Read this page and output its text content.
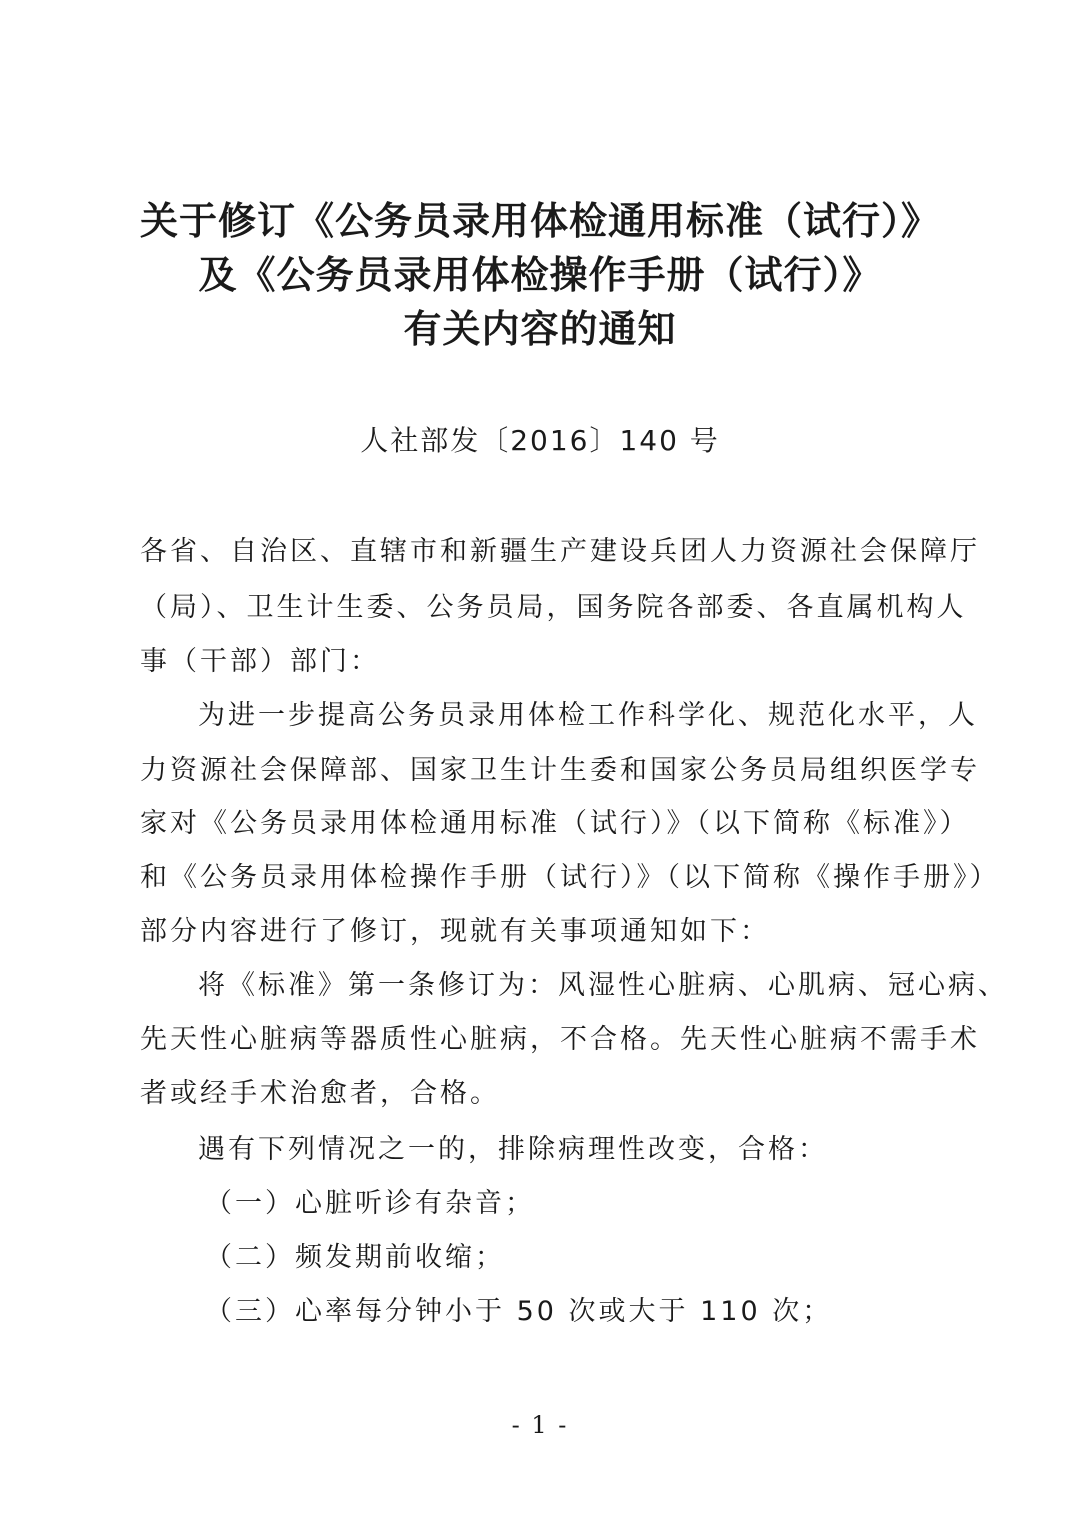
关于修订《公务员录用体检通用标准（试行）》
及《公务员录用体检操作手册（试行）》
有关内容的通知
人社部发〔2016〕140 号
各省、自治区、直辖市和新疆生产建设兵团人力资源社会保障厅
（局）、卫生计生委、公务员局，国务院各部委、各直属机构人
事（干部）部门：
为进一步提高公务员录用体检工作科学化、规范化水平，人
力资源社会保障部、国家卫生计生委和国家公务员局组织医学专
家对《公务员录用体检通用标准（试行）》（以下简称《标准》）
和《公务员录用体检操作手册（试行）》（以下简称《操作手册》）
部分内容进行了修订，现就有关事项通知如下：
将《标准》第一条修订为：风湿性心脏病、心肌病、冠心病、
先天性心脏病等器质性心脏病，不合格。先天性心脏病不需手术
者或经手术治愈者，合格。
遇有下列情况之一的，排除病理性改变，合格：
（一）心脏听诊有杂音；
（二）频发期前收缩；
（三）心率每分钟小于 50 次或大于 110 次；
- 1 -
